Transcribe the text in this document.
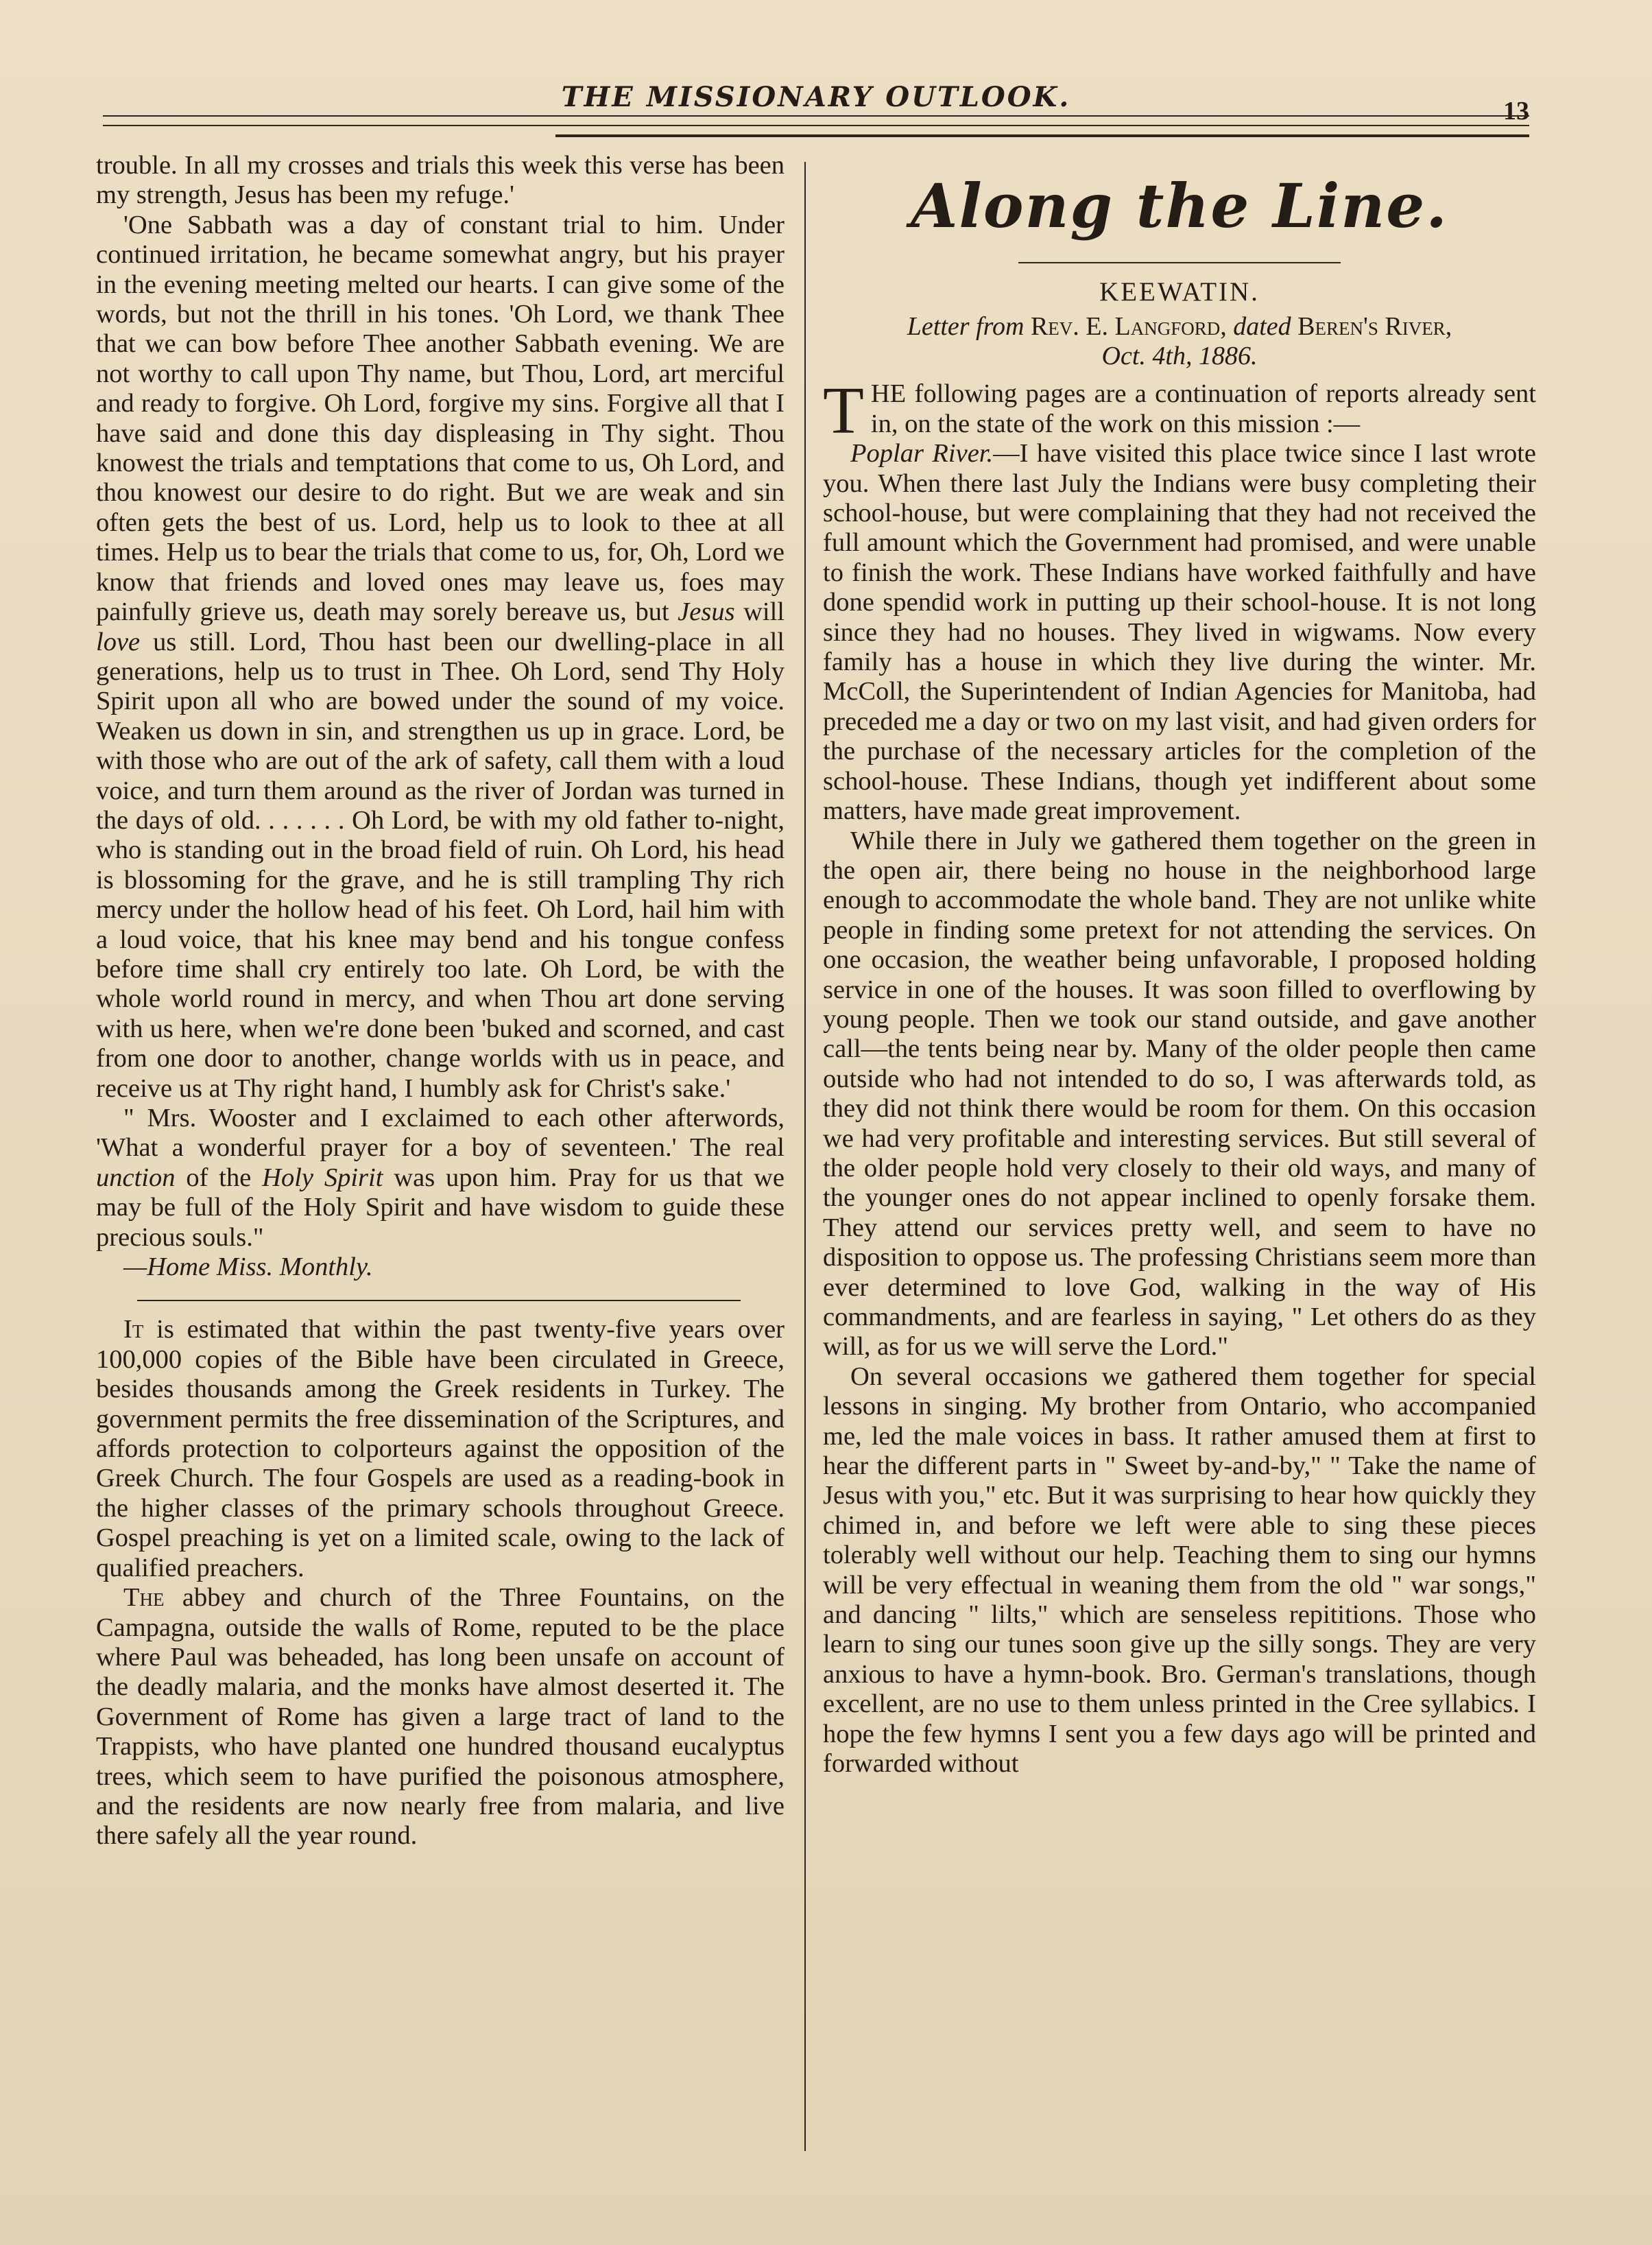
THE MISSIONARY OUTLOOK.	13

trouble. In all my crosses and trials this week this verse has been my strength, Jesus has been my refuge.'

'One Sabbath was a day of constant trial to him. Under continued irritation, he became somewhat angry, but his prayer in the evening meeting melted our hearts. I can give some of the words, but not the thrill in his tones. 'Oh Lord, we thank Thee that we can bow before Thee another Sabbath evening. We are not worthy to call upon Thy name, but Thou, Lord, art merciful and ready to forgive. Oh Lord, forgive my sins. Forgive all that I have said and done this day displeasing in Thy sight. Thou knowest the trials and temptations that come to us, Oh Lord, and thou knowest our desire to do right. But we are weak and sin often gets the best of us. Lord, help us to look to thee at all times. Help us to bear the trials that come to us, for, Oh, Lord we know that friends and loved ones may leave us, foes may painfully grieve us, death may sorely bereave us, but Jesus will love us still. Lord, Thou hast been our dwelling-place in all generations, help us to trust in Thee. Oh Lord, send Thy Holy Spirit upon all who are bowed under the sound of my voice. Weaken us down in sin, and strengthen us up in grace. Lord, be with those who are out of the ark of safety, call them with a loud voice, and turn them around as the river of Jordan was turned in the days of old. . . . . . . Oh Lord, be with my old father to-night, who is standing out in the broad field of ruin. Oh Lord, his head is blossoming for the grave, and he is still trampling Thy rich mercy under the hollow head of his feet. Oh Lord, hail him with a loud voice, that his knee may bend and his tongue confess before time shall cry entirely too late. Oh Lord, be with the whole world round in mercy, and when Thou art done serving with us here, when we're done been 'buked and scorned, and cast from one door to another, change worlds with us in peace, and receive us at Thy right hand, I humbly ask for Christ's sake.'

" Mrs. Wooster and I exclaimed to each other afterwords, 'What a wonderful prayer for a boy of seventeen.' The real unction of the Holy Spirit was upon him. Pray for us that we may be full of the Holy Spirit and have wisdom to guide these precious souls."

—Home Miss. Monthly.

It is estimated that within the past twenty-five years over 100,000 copies of the Bible have been circulated in Greece, besides thousands among the Greek residents in Turkey. The government permits the free dissemination of the Scriptures, and affords protection to colporteurs against the opposition of the Greek Church. The four Gospels are used as a reading-book in the higher classes of the primary schools throughout Greece. Gospel preaching is yet on a limited scale, owing to the lack of qualified preachers.

The abbey and church of the Three Fountains, on the Campagna, outside the walls of Rome, reputed to be the place where Paul was beheaded, has long been unsafe on account of the deadly malaria, and the monks have almost deserted it. The Government of Rome has given a large tract of land to the Trappists, who have planted one hundred thousand eucalyptus trees, which seem to have purified the poisonous atmosphere, and the residents are now nearly free from malaria, and live there safely all the year round.

Along the Line.
KEEWATIN.
Letter from Rev. E. Langford, dated Beren's River,
Oct. 4th, 1886.

THE following pages are a continuation of reports already sent in, on the state of the work on this mission :—

Poplar River.—I have visited this place twice since I last wrote you. When there last July the Indians were busy completing their school-house, but were complaining that they had not received the full amount which the Government had promised, and were unable to finish the work. These Indians have worked faithfully and have done spendid work in putting up their school-house. It is not long since they had no houses. They lived in wigwams. Now every family has a house in which they live during the winter. Mr. McColl, the Superintendent of Indian Agencies for Manitoba, had preceded me a day or two on my last visit, and had given orders for the purchase of the necessary articles for the completion of the school-house. These Indians, though yet indifferent about some matters, have made great improvement.

While there in July we gathered them together on the green in the open air, there being no house in the neighborhood large enough to accommodate the whole band. They are not unlike white people in finding some pretext for not attending the services. On one occasion, the weather being unfavorable, I proposed holding service in one of the houses. It was soon filled to overflowing by young people. Then we took our stand outside, and gave another call—the tents being near by. Many of the older people then came outside who had not intended to do so, I was afterwards told, as they did not think there would be room for them. On this occasion we had very profitable and interesting services. But still several of the older people hold very closely to their old ways, and many of the younger ones do not appear inclined to openly forsake them. They attend our services pretty well, and seem to have no disposition to oppose us. The professing Christians seem more than ever determined to love God, walking in the way of His commandments, and are fearless in saying, " Let others do as they will, as for us we will serve the Lord."

On several occasions we gathered them together for special lessons in singing. My brother from Ontario, who accompanied me, led the male voices in bass. It rather amused them at first to hear the different parts in " Sweet by-and-by," " Take the name of Jesus with you," etc. But it was surprising to hear how quickly they chimed in, and before we left were able to sing these pieces tolerably well without our help. Teaching them to sing our hymns will be very effectual in weaning them from the old " war songs," and dancing " lilts," which are senseless repititions. Those who learn to sing our tunes soon give up the silly songs. They are very anxious to have a hymn-book. Bro. German's translations, though excellent, are no use to them unless printed in the Cree syllabics. I hope the few hymns I sent you a few days ago will be printed and forwarded without
